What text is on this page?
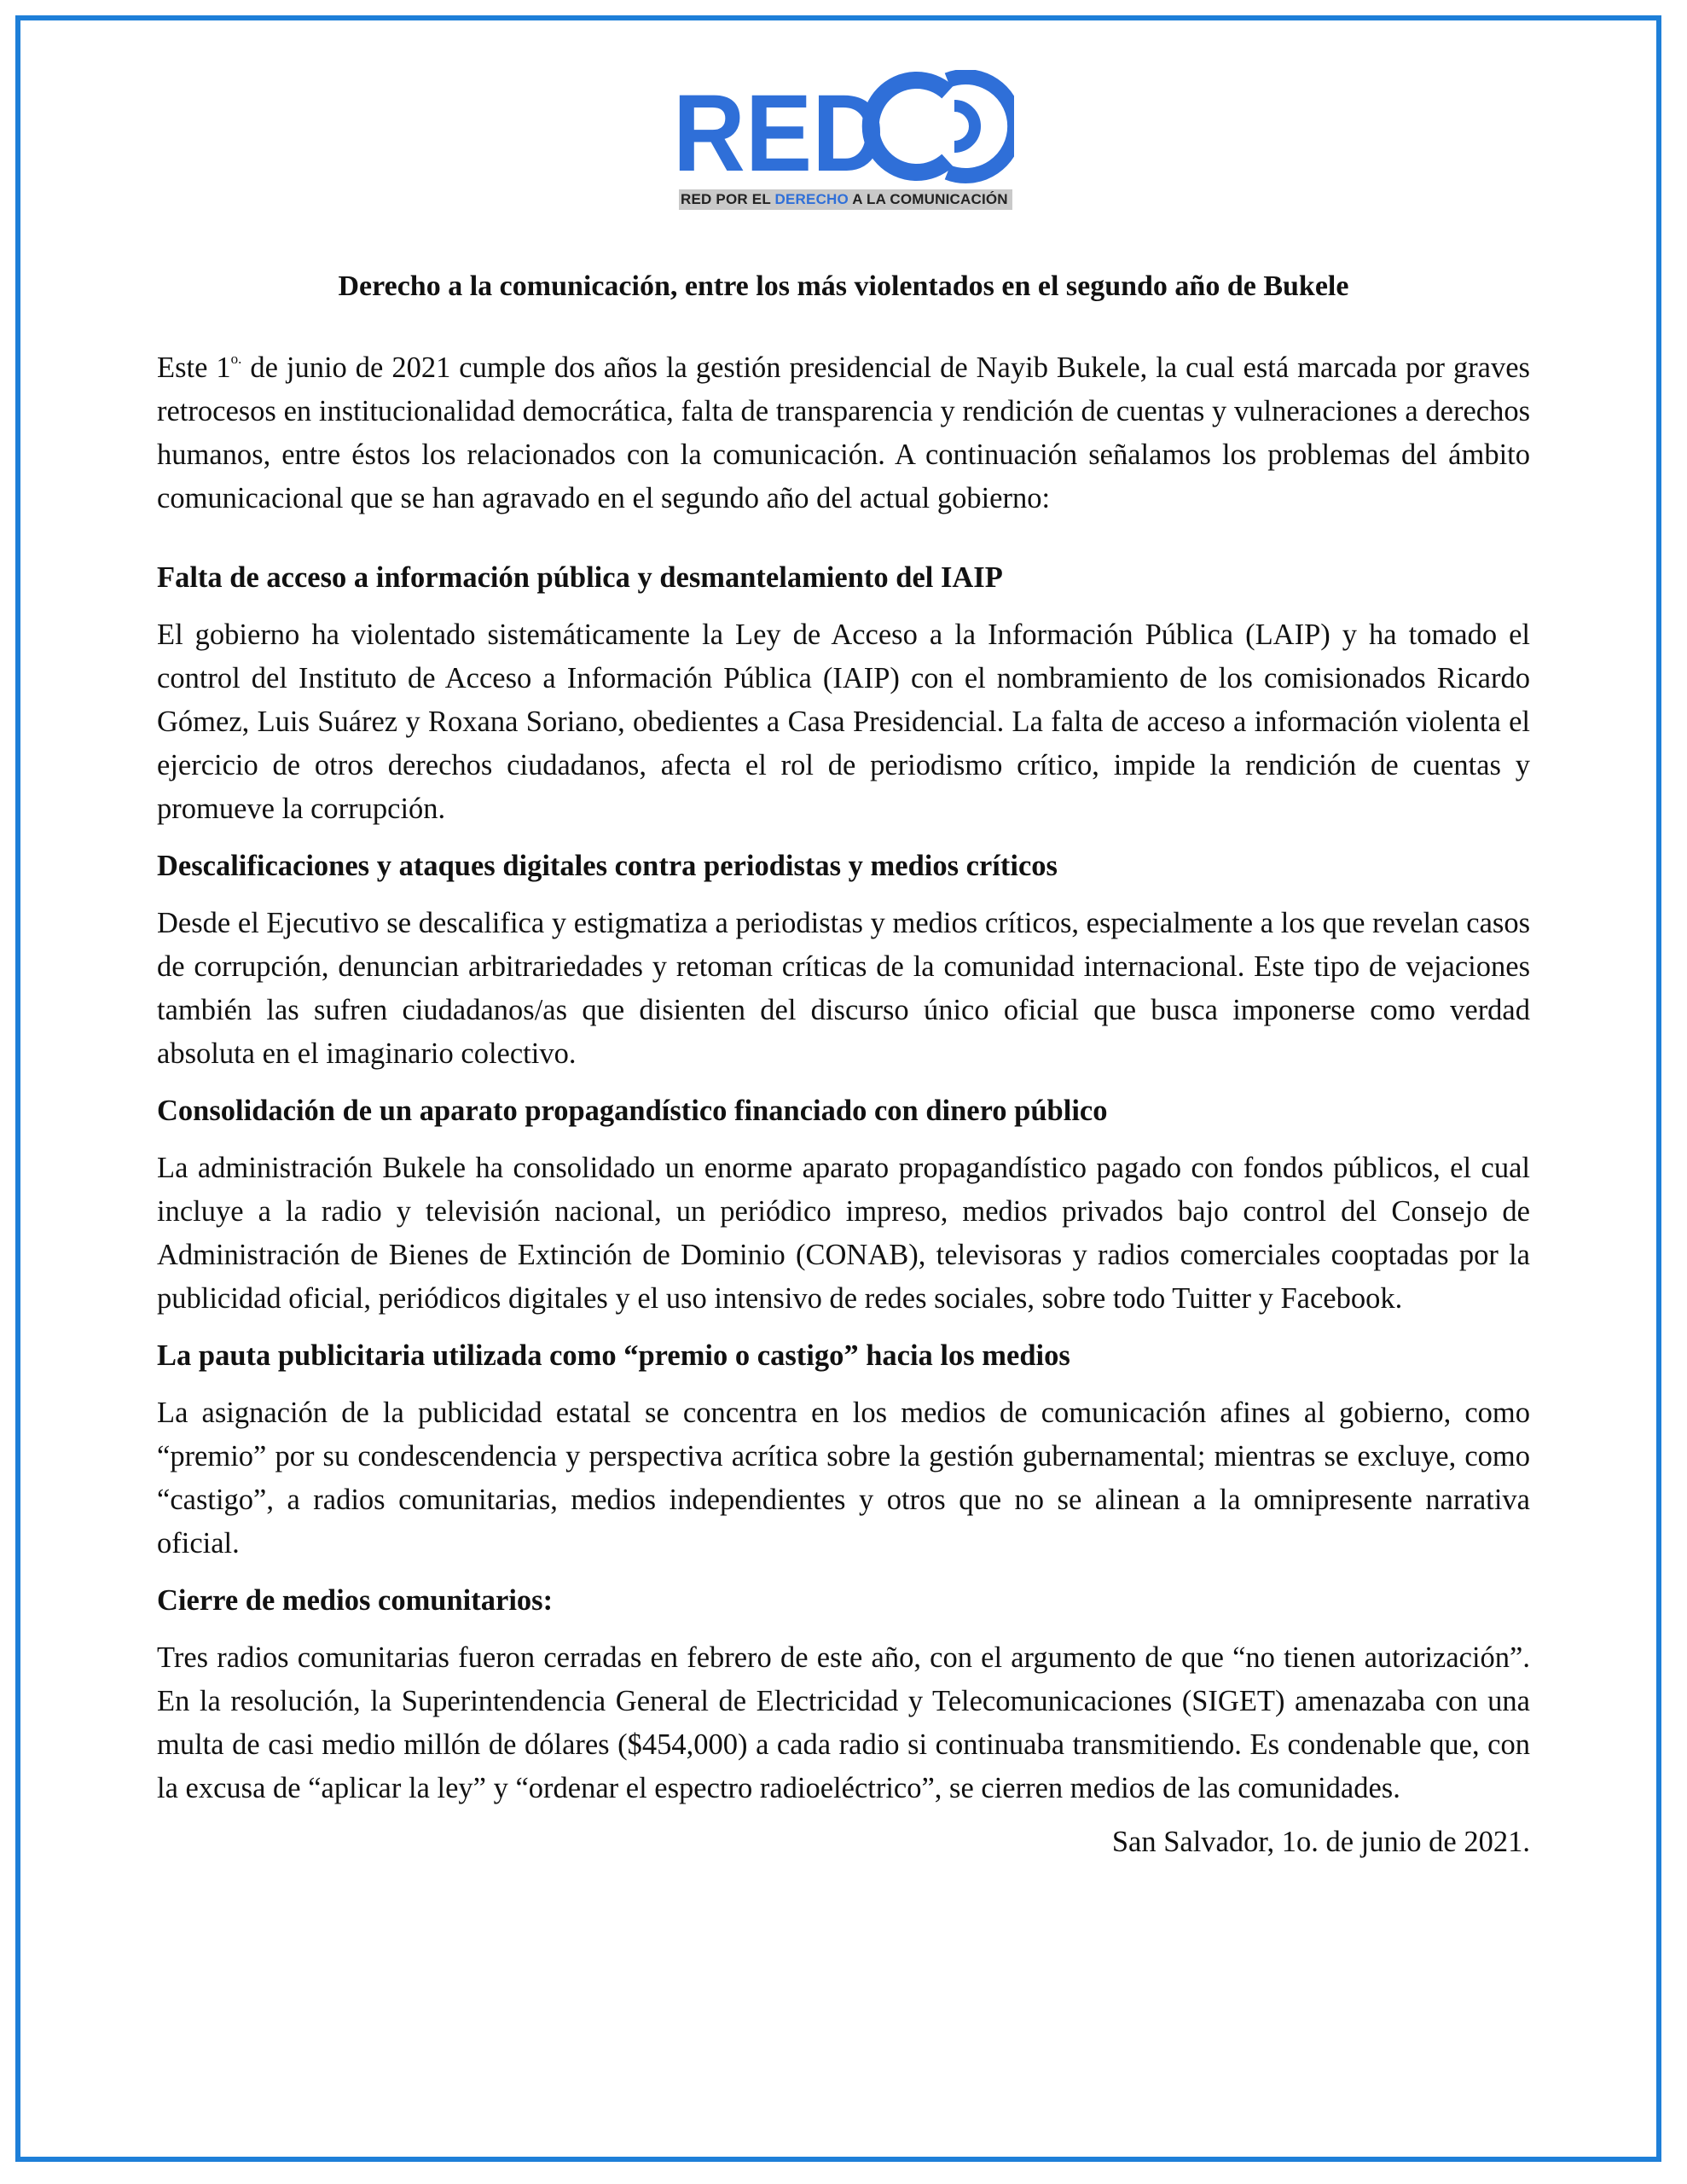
RED
RED POR EL DERECHO A LA COMUNICACIÓN
Derecho a la comunicación, entre los más violentados en el segundo año de Bukele

Este $1^{o.}$ de junio de 2021 cumple dos años la gestión presidencial de Nayib Bukele, la cual está marcada por graves retrocesos en institucionalidad democrática, falta de transparencia y rendición de cuentas y vulneraciones a derechos humanos, entre éstos los relacionados con la comunicación. A continuación señalamos los problemas del ámbito comunicacional que se han agravado en el segundo año del actual gobierno:

Falta de acceso a información pública y desmantelamiento del IAIP

El gobierno ha violentado sistemáticamente la Ley de Acceso a la Información Pública (LAIP) y ha tomado el control del Instituto de Acceso a Información Pública (IAIP) con el nombramiento de los comisionados Ricardo Gómez, Luis Suárez y Roxana Soriano, obedientes a Casa Presidencial. La falta de acceso a información violenta el ejercicio de otros derechos ciudadanos, afecta el rol de periodismo crítico, impide la rendición de cuentas y promueve la corrupción.

Descalificaciones y ataques digitales contra periodistas y medios críticos

Desde el Ejecutivo se descalifica y estigmatiza a periodistas y medios críticos, especialmente a los que revelan casos de corrupción, denuncian arbitrariedades y retoman críticas de la comunidad internacional. Este tipo de vejaciones también las sufren ciudadanos/as que disienten del discurso único oficial que busca imponerse como verdad absoluta en el imaginario colectivo.

Consolidación de un aparato propagandístico financiado con dinero público

La administración Bukele ha consolidado un enorme aparato propagandístico pagado con fondos públicos, el cual incluye a la radio y televisión nacional, un periódico impreso, medios privados bajo control del Consejo de Administración de Bienes de Extinción de Dominio (CONAB), televisoras y radios comerciales cooptadas por la publicidad oficial, periódicos digitales y el uso intensivo de redes sociales, sobre todo Tuitter y Facebook.

La pauta publicitaria utilizada como “premio o castigo” hacia los medios

La asignación de la publicidad estatal se concentra en los medios de comunicación afines al gobierno, como “premio” por su condescendencia y perspectiva acrítica sobre la gestión gubernamental; mientras se excluye, como “castigo”, a radios comunitarias, medios independientes y otros que no se alinean a la omnipresente narrativa oficial.

Cierre de medios comunitarios:

Tres radios comunitarias fueron cerradas en febrero de este año, con el argumento de que “no tienen autorización”. En la resolución, la Superintendencia General de Electricidad y Telecomunicaciones (SIGET) amenazaba con una multa de casi medio millón de dólares ($454,000) a cada radio si continuaba transmitiendo. Es condenable que, con la excusa de “aplicar la ley” y “ordenar el espectro radioeléctrico”, se cierren medios de las comunidades.

San Salvador, 1o. de junio de 2021.
